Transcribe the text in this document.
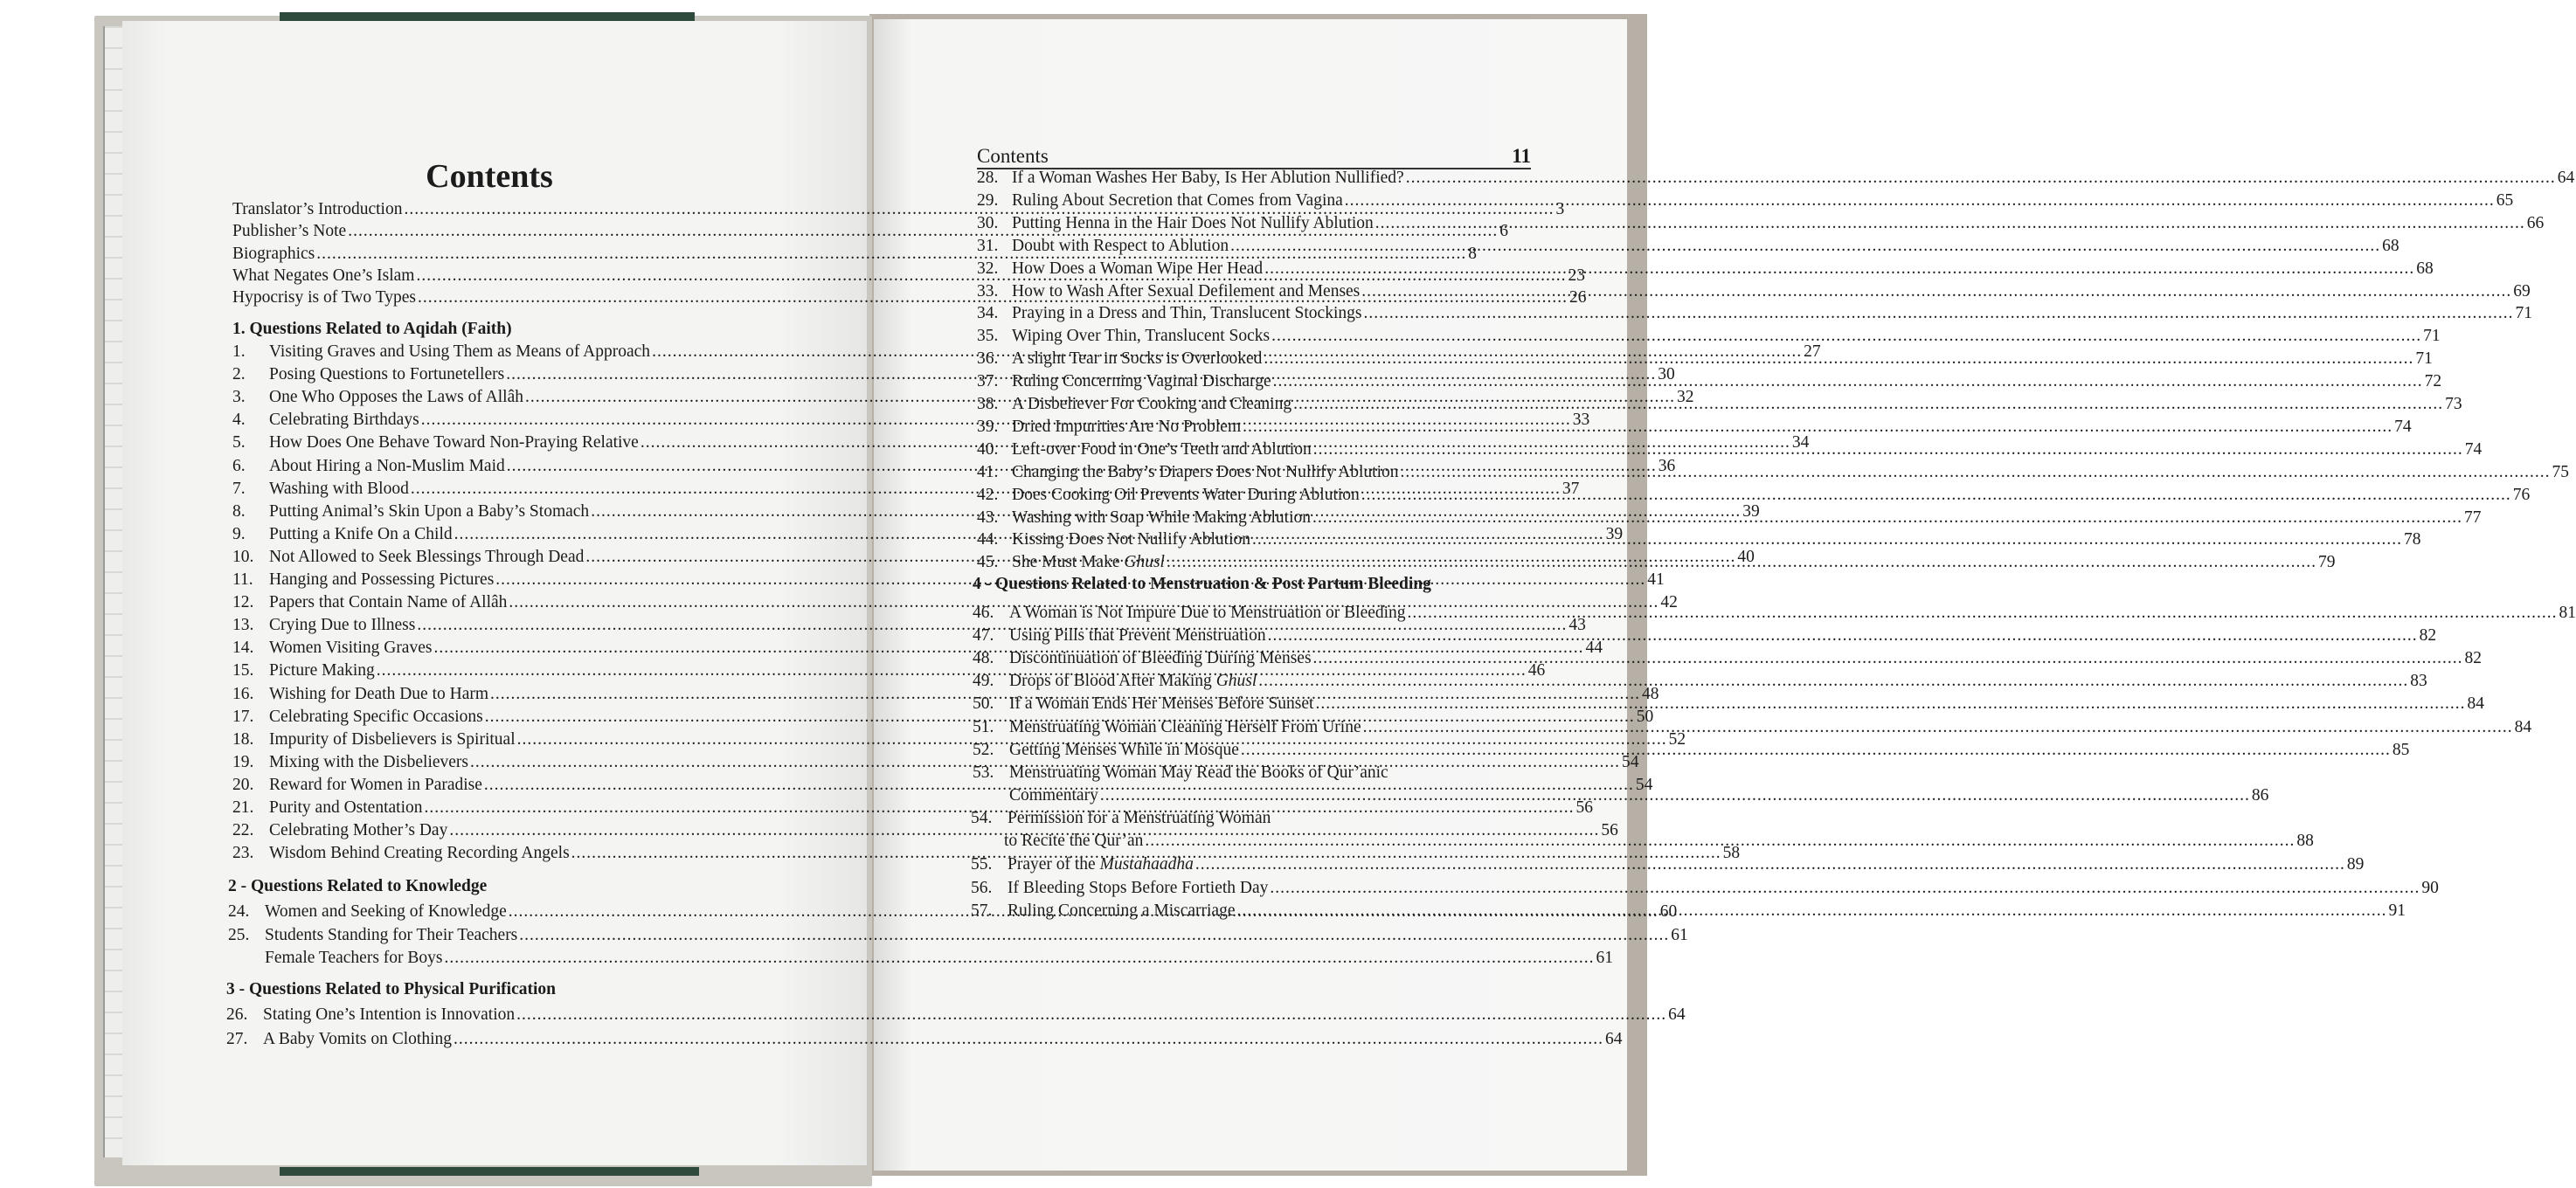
Contents
Translator’s Introduction .....	3
Publisher’s Note .....	6
Biographics .....	8
What Negates One’s Islam .....	23
Hypocrisy is of Two Types .....	26
1. Questions Related to Aqidah (Faith)
1.	Visiting Graves and Using Them as Means of Approach .....	27
2.	Posing Questions to Fortunetellers .....	30
3.	One Who Opposes the Laws of Allâh .....	32
4.	Celebrating Birthdays .....	33
5.	How Does One Behave Toward Non-Praying Relative .....	34
6.	About Hiring a Non-Muslim Maid .....	36
7.	Washing with Blood .....	37
8.	Putting Animal’s Skin Upon a Baby’s Stomach .....	39
9.	Putting a Knife On a Child .....	39
10. Not Allowed to Seek Blessings Through Dead .....	40
11. Hanging and Possessing Pictures .....	41
12. Papers that Contain Name of Allâh .....	42
13. Crying Due to Illness .....	43
14. Women Visiting Graves .....	44
15. Picture Making .....	46
16. Wishing for Death Due to Harm .....	48
17. Celebrating Specific Occasions .....	50
18. Impurity of Disbelievers is Spiritual .....	52
19. Mixing with the Disbelievers .....	54
20. Reward for Women in Paradise .....	54
21. Purity and Ostentation .....	56
22. Celebrating Mother’s Day .....	56
23. Wisdom Behind Creating Recording Angels .....	58
2 - Questions Related to Knowledge
24. Women and Seeking of Knowledge .....	60
25. Students Standing for Their Teachers .....	61
Female Teachers for Boys .....	61
3 - Questions Related to Physical Purification
26. Stating One’s Intention is Innovation .....	64
27. A Baby Vomits on Clothing .....	64
Contents	11
28. If a Woman Washes Her Baby, Is Her Ablution Nullified? .....	64
29. Ruling About Secretion that Comes from Vagina .....	65
30. Putting Henna in the Hair Does Not Nullify Ablution .....	66
31. Doubt with Respect to Ablution .....	68
32. How Does a Woman Wipe Her Head .....	68
33. How to Wash After Sexual Defilement and Menses .....	69
34. Praying in a Dress and Thin, Translucent Stockings .....	71
35. Wiping Over Thin, Translucent Socks .....	71
36. A slight Tear in Socks is Overlooked .....	71
37. Ruling Concerning Vaginal Discharge .....	72
38. A Disbeliever For Cooking and Cleaning .....	73
39. Dried Impurities Are No Problem .....	74
40. Left-over Food in One’s Teeth and Ablution .....	74
41. Changing the Baby’s Diapers Does Not Nullify Ablution .....	75
42. Does Cooking Oil Prevents Water During Ablution .....	76
43. Washing with Soap While Making Ablution .....	77
44. Kissing Does Not Nullify Ablution .....	78
45. She Must Make Ghusl .....	79
4 - Questions Related to Menstruation & Post Partum Bleeding
46. A Woman is Not Impure Due to Menstruation or Bleeding .....	81
47. Using Pills that Prevent Menstruation .....	82
48. Discontinuation of Bleeding During Menses .....	82
49. Drops of Blood After Making Ghusl .....	83
50. If a Woman Ends Her Menses Before Sunset .....	84
51. Menstruating Woman Cleaning Herself From Urine .....	84
52. Getting Menses While in Mosque .....	85
53. Menstruating Woman May Read the Books of Qur’anic
Commentary .....	86
54. Permission for a Menstruating Woman
to Recite the Qur’an .....	88
55. Prayer of the Mustahaadha .....	89
56. If Bleeding Stops Before Fortieth Day .....	90
57. Ruling Concerning a Miscarriage .....	91
